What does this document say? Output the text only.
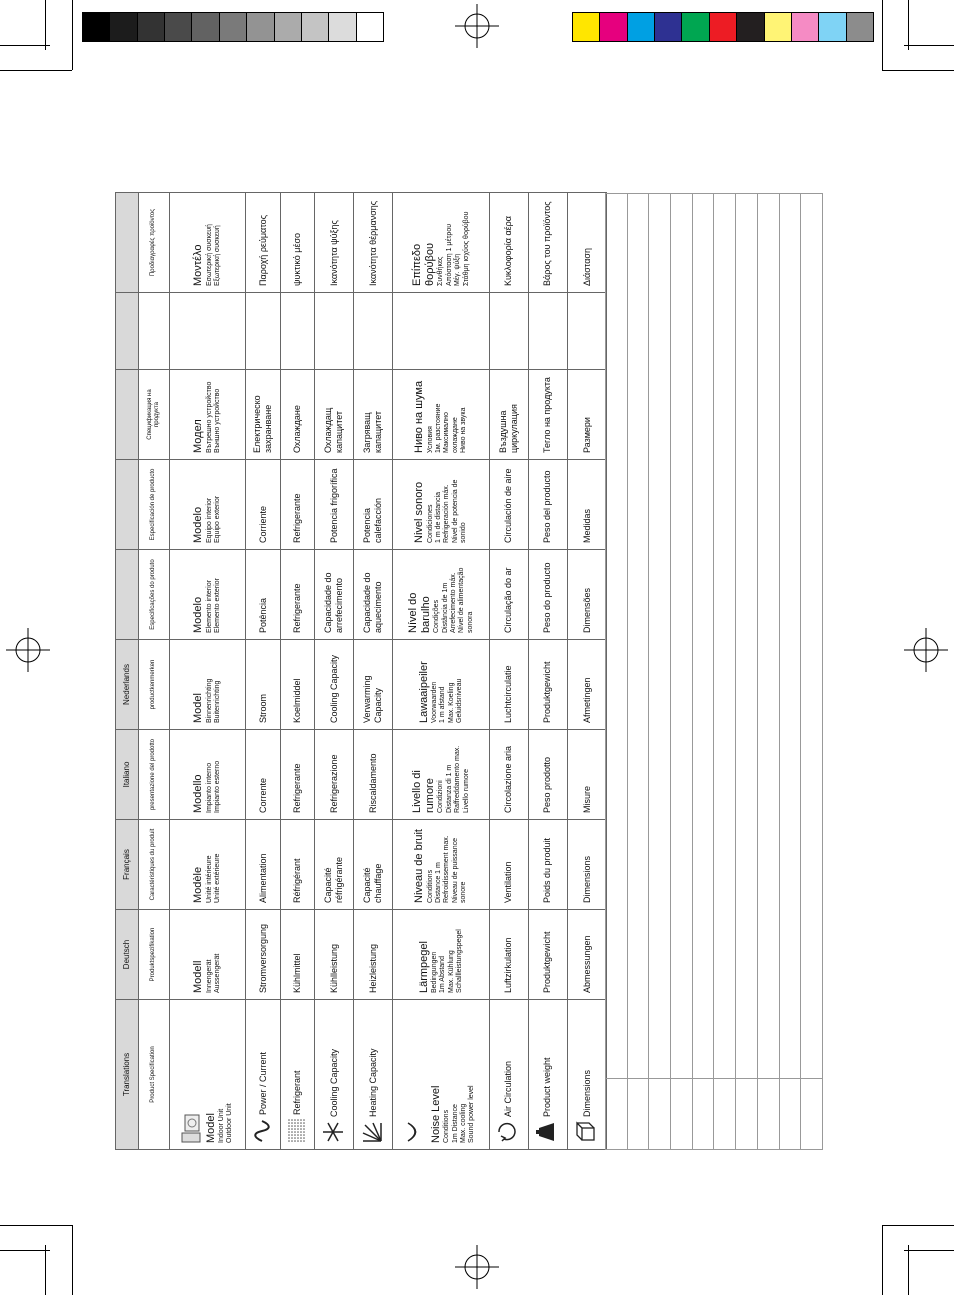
Translations	Deutsch	Français	Italiano	Nederlands					
Product Specification	Produktspezifikation	Caractéristiques du produit	presentazione del prodotto	productkenmerken	Especificações do produto	Especificación de producto	Спецификация на продукта		Προδιαγραφές προϊόντος

Model Indoor Unit Outdoor Unit	Modell Innengerät Aussengerät	Modèle Unité intérieure Unité extérieure	Modello Impianto interno Impianto esterno	Model Binnenrichting Buitenrichting	Modelo Elemento interior Elemento exterior	Modelo Equipo interior Equipo exterior	Модел Вътрешно устройство Външно устройство		Μοντέλο Εσωτερική συσκευή Εξωτερική συσκευή

Power / Current	Stromversorgung	Alimentation	Corrente	Stroom	Potência	Corriente	Електрическо захранване		Παροχή ρεύματος
Refrigerant	Kühlmittel	Réfrigérant	Refrigerante	Koelmiddel	Refrigerante	Refrigerante	Охлаждане		ψυκτικό μέσο
Cooling Capacity	Kühlleistung	Capacité réfrigérante	Refrigerazione	Cooling Capacity	Capacidade do arrefecimento	Potencia frigorífica	Охлаждащ капацитет		Ικανότητα ψύξης
Heating Capacity	Heizleistung	Capacité chauffage	Riscaldamento	Verwarming Capacity	Capacidade do aquecimento	Potencia calefacción	Загряващ капацитет		Ικανότητα θέρμανσης

Noise Level Conditions 1m Distance Max. cooling Sound power level	Lärmpegel Bedingungen 1m Abstand Max. Kühlung Schallleistungspegel	Niveau de bruit Conditions Distance 1 m Refroidissement max. Niveau de puissance sonore	Livello di rumore Condizioni Distanza di 1 m Raffreddamento max. Livello rumore	Lawaaipeiler Voorwaarden 1 m afstand Max. Koeling Geluidsniveau	Nível do barulho Condições Distância de 1m Arrefecimento máx. Nível de alimentação sonora	Nivel sonoro Condiciones 1 m de distancia Refrigeración máx. Nivel de potencia de sonido	Ниво на шума Условия 1м. разстояние Максимално охлаждане Ниво на звука		Επίπεδο θορύβου Συνθήκες Απόσταση 1 μέτρου Μέγ. ψύξη Στάθμη ισχύος θορύβου

Air Circulation	Luftzirkulation	Ventilation	Circolazione aria	Luchtcirculatie	Circulação do ar	Circulación de aire	Въздушна циркулация		Κυκλοφορία αέρα
Product weight	Produktgewicht	Poids du produit	Peso prodotto	Produktgewicht	Peso do producto	Peso del producto	Тегло на продукта		Βάρος του προϊόντος
Dimensions	Abmessungen	Dimensions	Misure	Afmetingen	Dimensões	Medidas	Размери		Διάσταση
